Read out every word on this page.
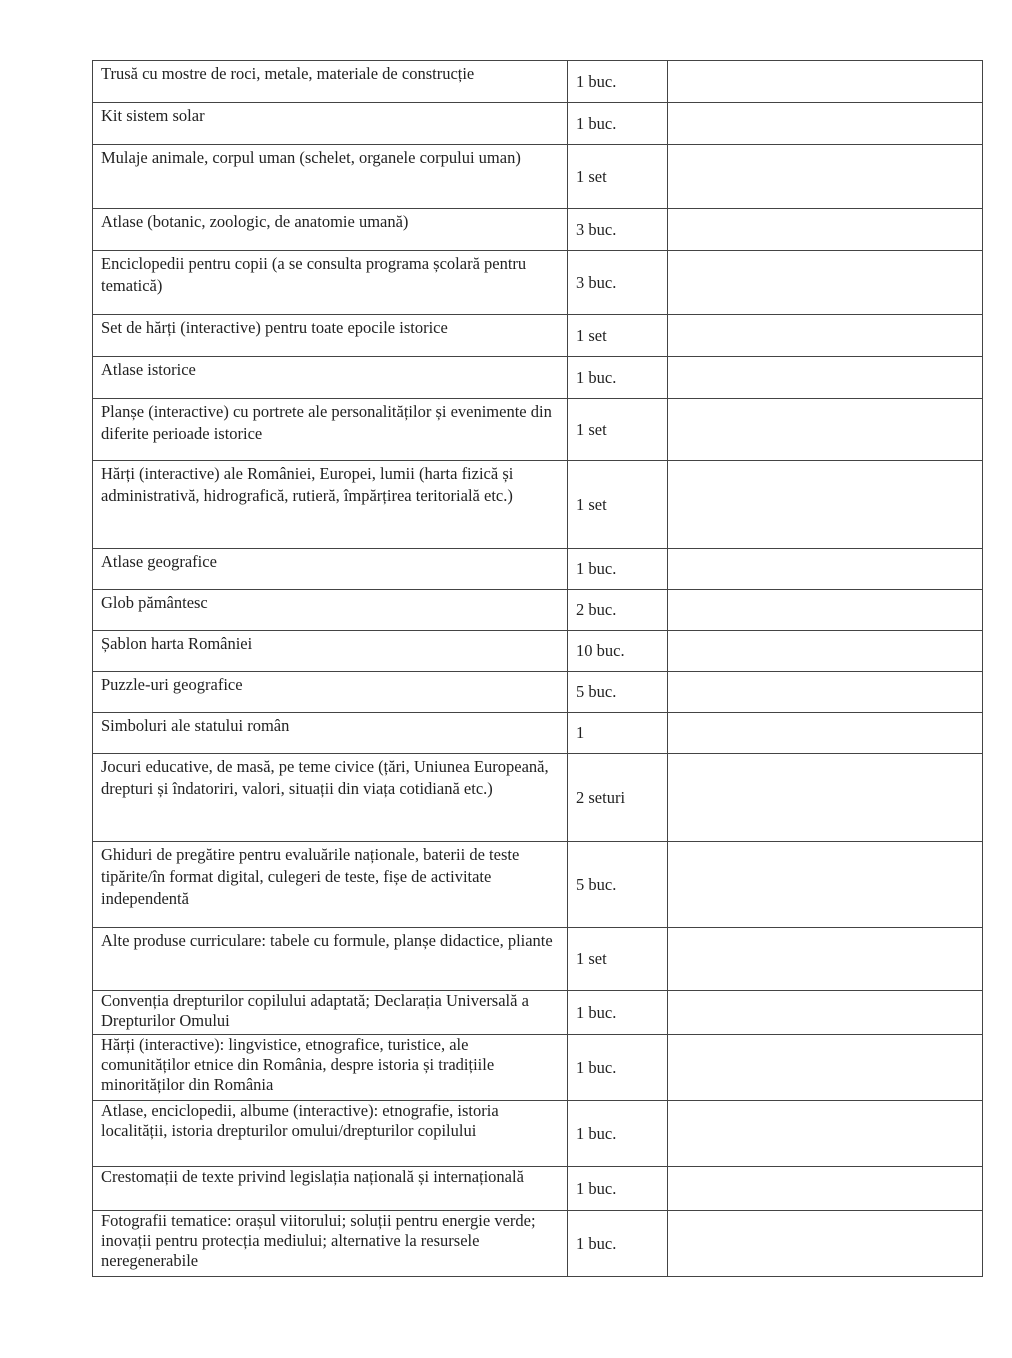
Trusă cu mostre de roci, metale, materiale de construcție	1 buc.	
Kit sistem solar	1 buc.	
Mulaje animale, corpul uman (schelet, organele corpului uman)	1 set	
Atlase (botanic, zoologic, de anatomie umană)	3 buc.	
Enciclopedii pentru copii (a se consulta programa școlară pentru tematică)	3 buc.	
Set de hărți (interactive) pentru toate epocile istorice	1 set	
Atlase istorice	1 buc.	
Planșe (interactive) cu portrete ale personalităților și evenimente din diferite perioade istorice	1 set	
Hărți (interactive) ale României, Europei, lumii (harta fizică și administrativă, hidrografică, rutieră, împărțirea teritorială etc.)	1 set	
Atlase geografice	1 buc.	
Glob pământesc	2 buc.	
Șablon harta României	10 buc.	
Puzzle-uri geografice	5 buc.	
Simboluri ale statului român	1	
Jocuri educative, de masă, pe teme civice (țări, Uniunea Europeană, drepturi și îndatoriri, valori, situații din viața cotidiană etc.)	2 seturi	
Ghiduri de pregătire pentru evaluările naționale, baterii de teste tipărite/în format digital, culegeri de teste, fișe de activitate independentă	5 buc.	
Alte produse curriculare: tabele cu formule, planșe didactice, pliante	1 set	
Convenția drepturilor copilului adaptată; Declarația Universală a Drepturilor Omului	1 buc.	
Hărți (interactive): lingvistice, etnografice, turistice, ale comunităților etnice din România, despre istoria și tradițiile minorităților din România	1 buc.	
Atlase, enciclopedii, albume (interactive): etnografie, istoria localității, istoria drepturilor omului/drepturilor copilului	1 buc.	
Crestomații de texte privind legislația națională și internațională	1 buc.	
Fotografii tematice: orașul viitorului; soluții pentru energie verde; inovații pentru protecția mediului; alternative la resursele neregenerabile	1 buc.	
